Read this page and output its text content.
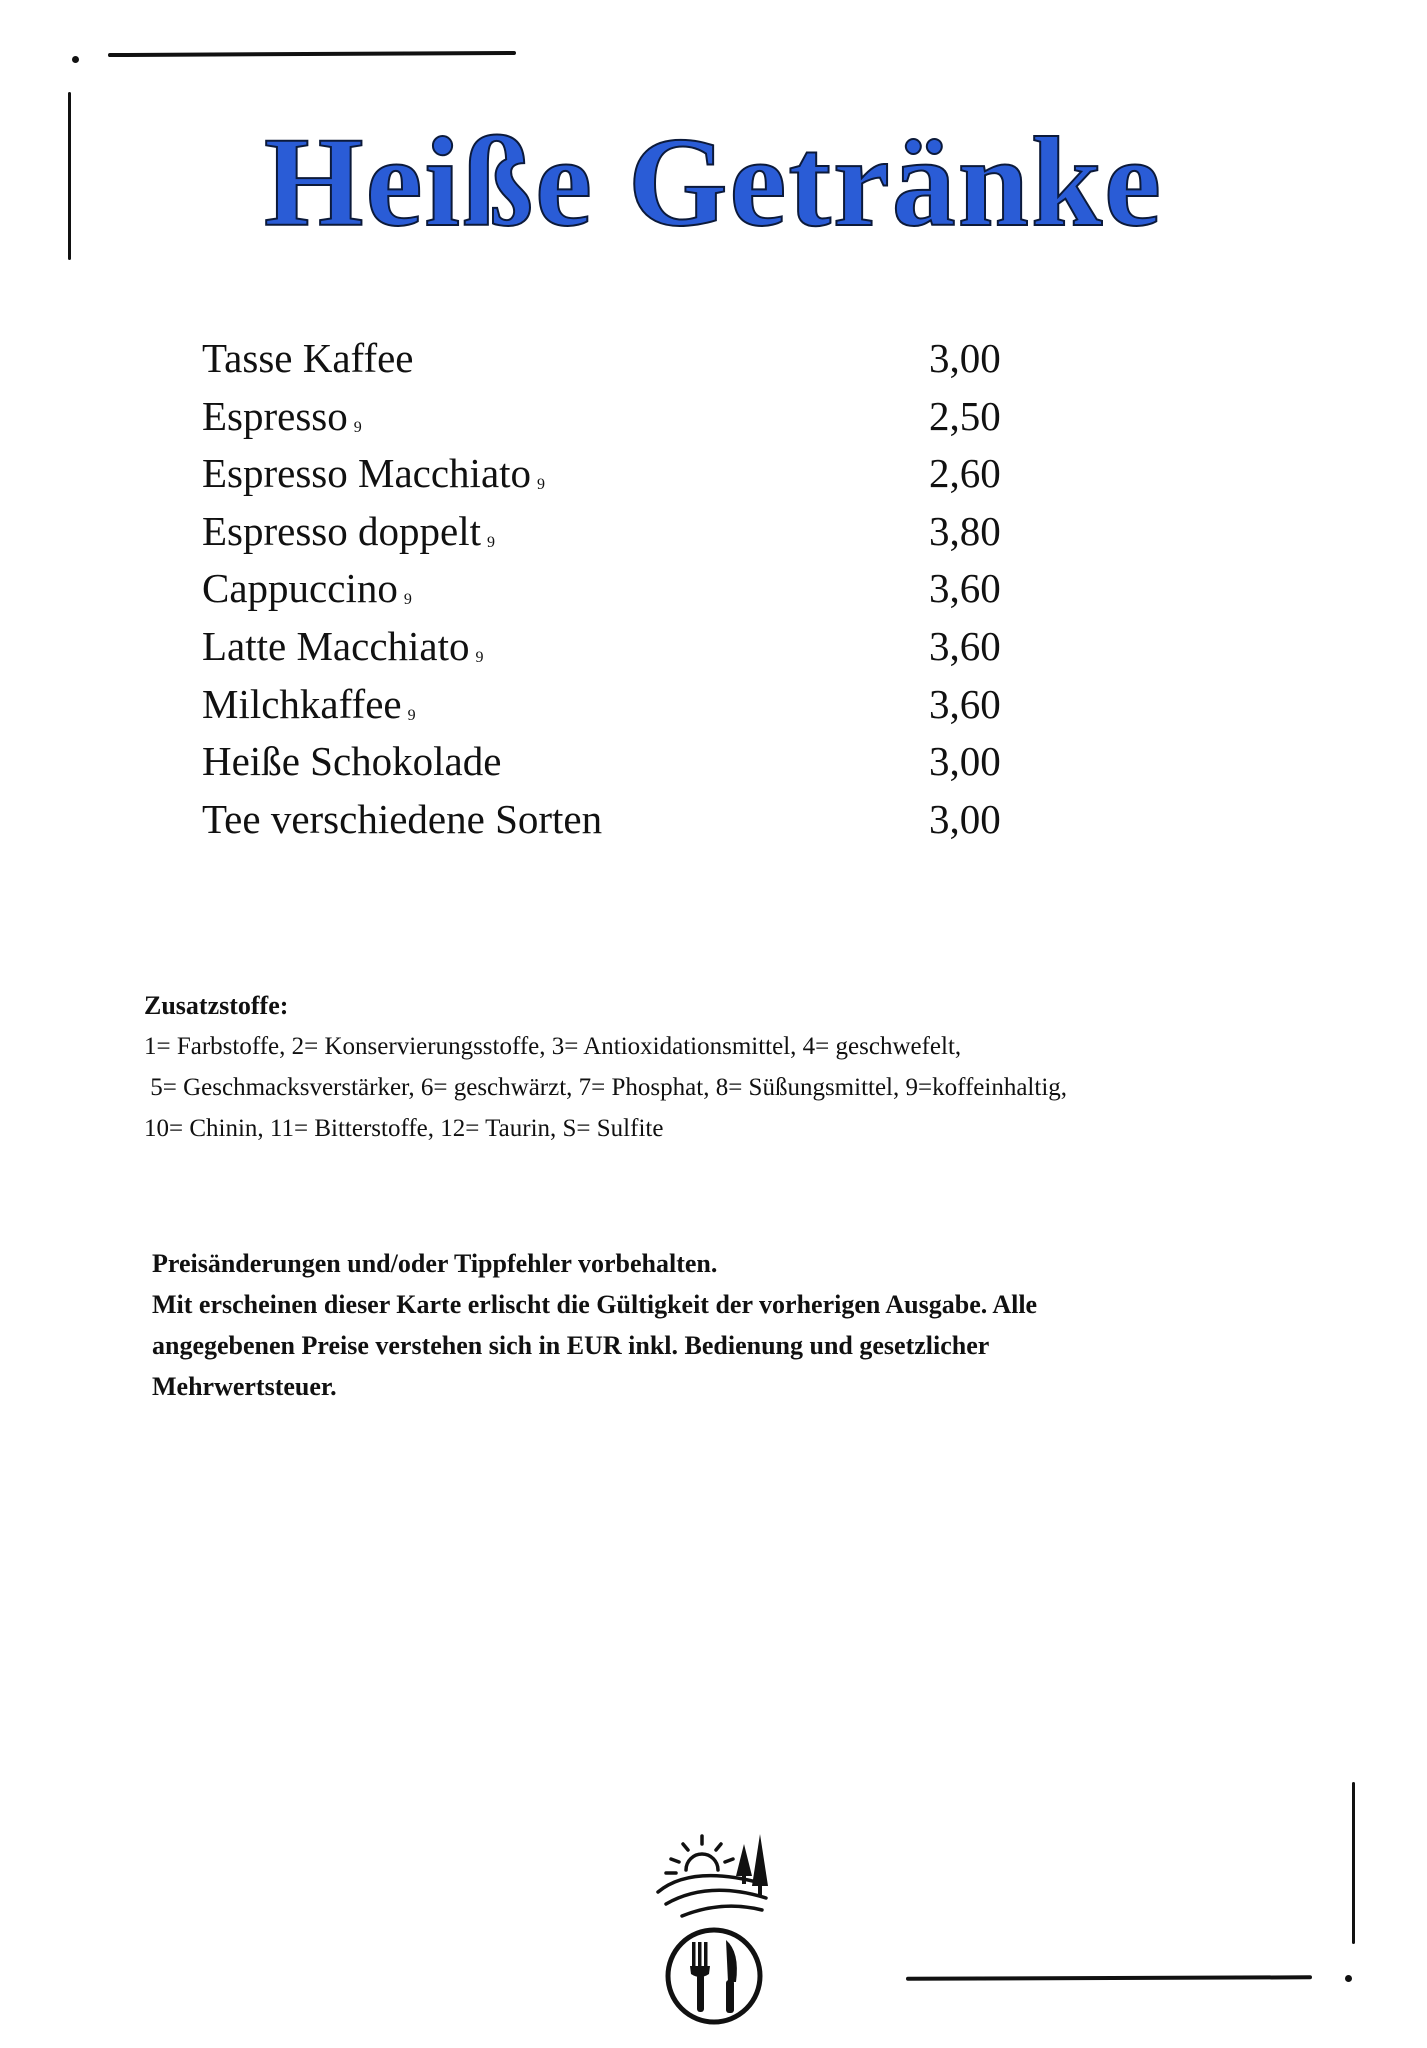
Heiße Getränke
Tasse Kaffee	3,00
Espresso 9	2,50
Espresso Macchiato 9	2,60
Espresso doppelt 9	3,80
Cappuccino 9	3,60
Latte Macchiato 9	3,60
Milchkaffee 9	3,60
Heiße Schokolade	3,00
Tee verschiedene Sorten	3,00
Zusatzstoffe:
1= Farbstoffe, 2= Konservierungsstoffe, 3= Antioxidationsmittel, 4= geschwefelt,
5= Geschmacksverstärker, 6= geschwärzt, 7= Phosphat, 8= Süßungsmittel, 9=koffeinhaltig,
10= Chinin, 11= Bitterstoffe, 12= Taurin, S= Sulfite
Preisänderungen und/oder Tippfehler vorbehalten.
Mit erscheinen dieser Karte erlischt die Gültigkeit der vorherigen Ausgabe. Alle
angegebenen Preise verstehen sich in EUR inkl. Bedienung und gesetzlicher
Mehrwertsteuer.
